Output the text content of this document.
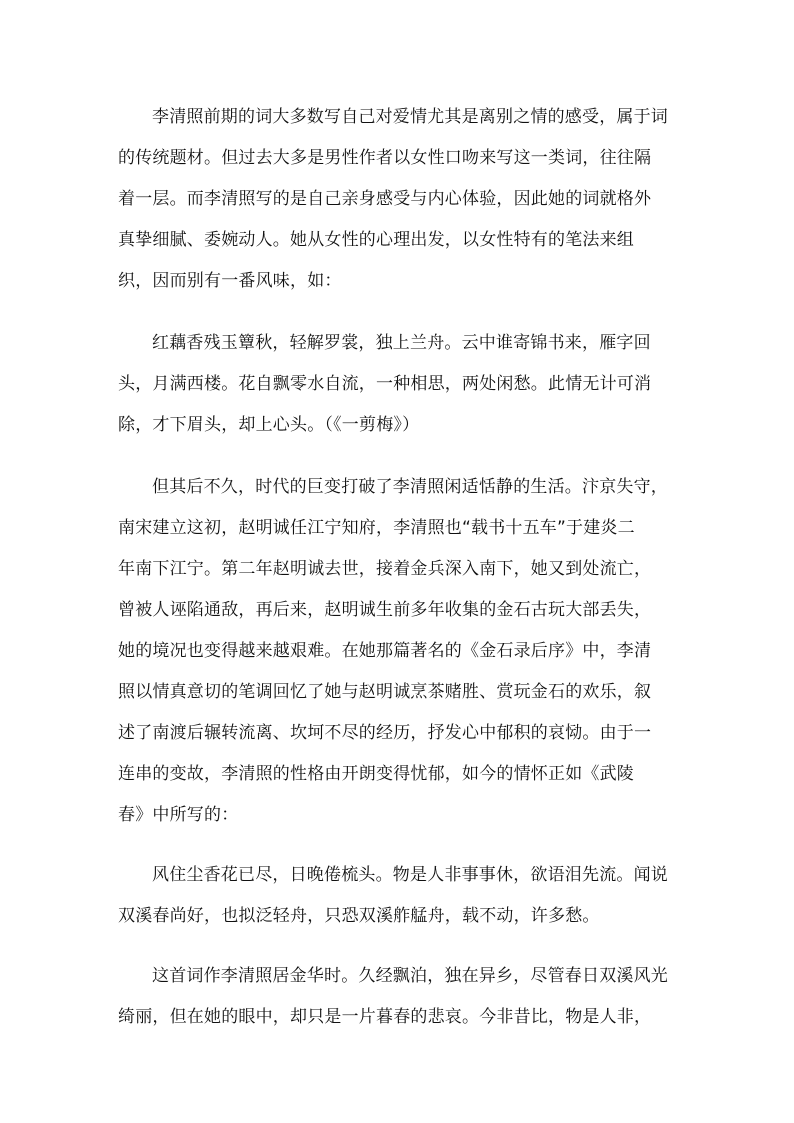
李清照前期的词大多数写自己对爱情尤其是离别之情的感受，属于词
的传统题材。但过去大多是男性作者以女性口吻来写这一类词，往往隔
着一层。而李清照写的是自己亲身感受与内心体验，因此她的词就格外
真挚细腻、委婉动人。她从女性的心理出发，以女性特有的笔法来组
织，因而别有一番风味，如：
红藕香残玉簟秋，轻解罗裳，独上兰舟。云中谁寄锦书来，雁字回
头，月满西楼。花自飘零水自流，一种相思，两处闲愁。此情无计可消
除，才下眉头，却上心头。（《一剪梅》）
但其后不久，时代的巨变打破了李清照闲适恬静的生活。汴京失守，
南宋建立这初，赵明诚任江宁知府，李清照也“载书十五车”于建炎二
年南下江宁。第二年赵明诚去世，接着金兵深入南下，她又到处流亡，
曾被人诬陷通敌，再后来，赵明诚生前多年收集的金石古玩大部丢失，
她的境况也变得越来越艰难。在她那篇著名的《金石录后序》中，李清
照以情真意切的笔调回忆了她与赵明诚烹茶赌胜、赏玩金石的欢乐，叙
述了南渡后辗转流离、坎坷不尽的经历，抒发心中郁积的哀恸。由于一
连串的变故，李清照的性格由开朗变得忧郁，如今的情怀正如《武陵
春》中所写的：
风住尘香花已尽，日晚倦梳头。物是人非事事休，欲语泪先流。闻说
双溪春尚好，也拟泛轻舟，只恐双溪舴艋舟，载不动，许多愁。
这首词作李清照居金华时。久经飘泊，独在异乡，尽管春日双溪风光
绮丽，但在她的眼中，却只是一片暮春的悲哀。今非昔比，物是人非，
